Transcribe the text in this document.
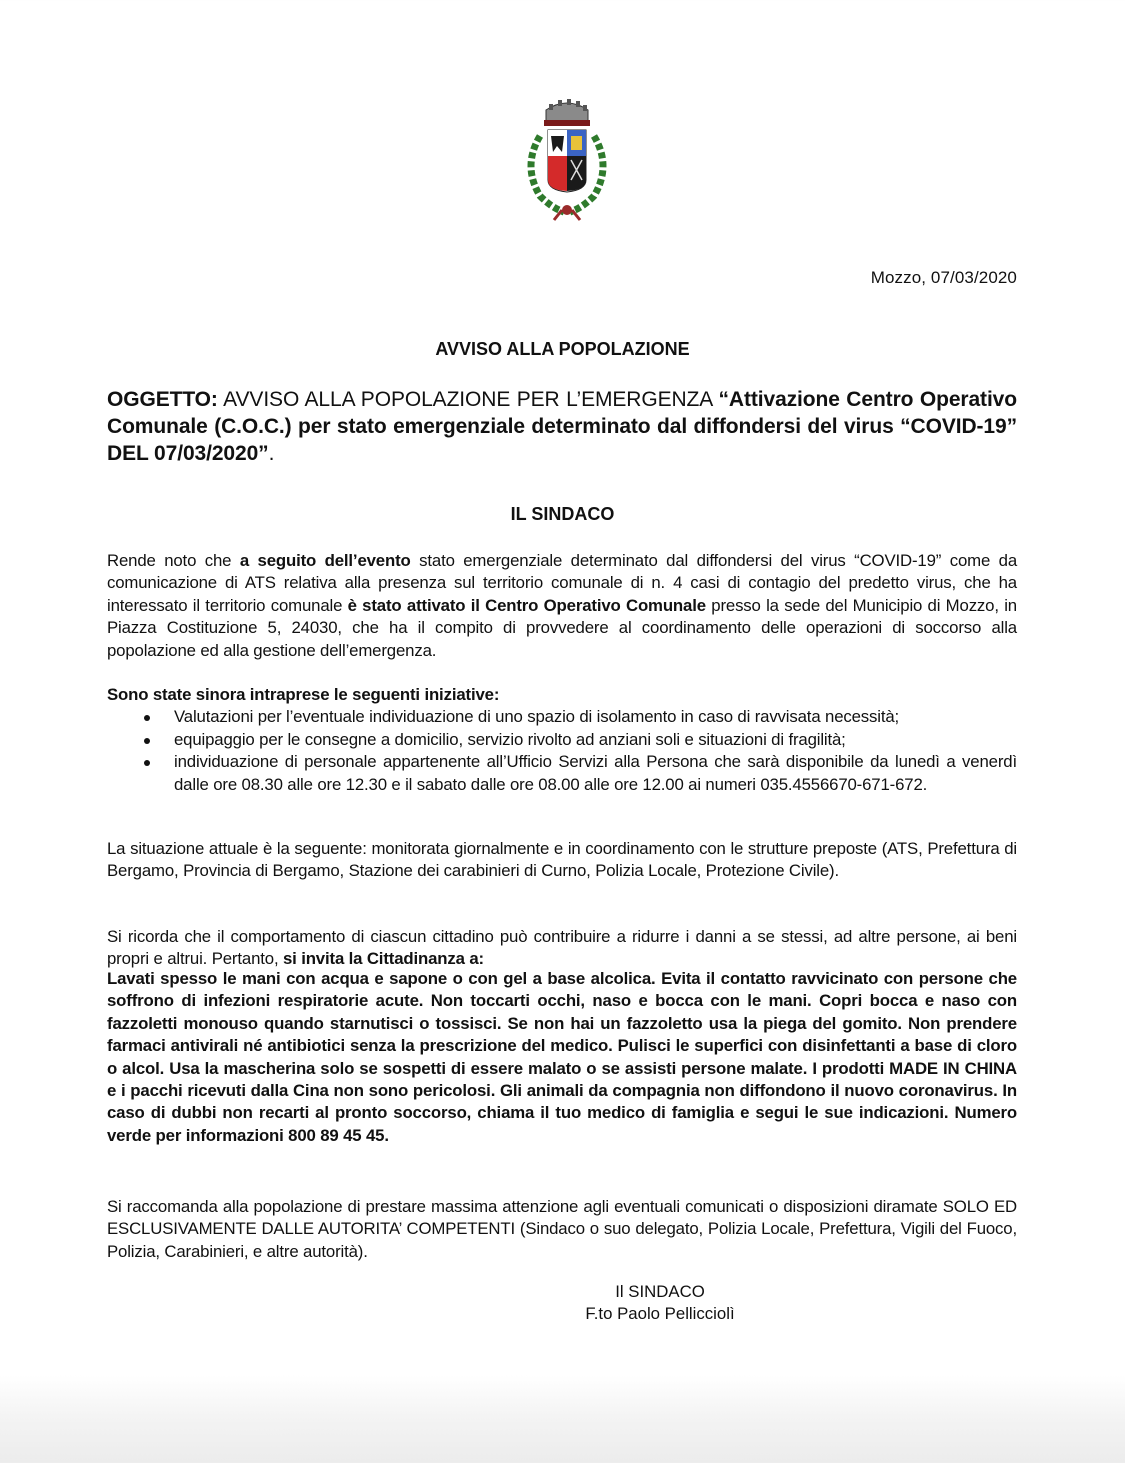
Mozzo, 07/03/2020
AVVISO ALLA POPOLAZIONE
OGGETTO: AVVISO ALLA POPOLAZIONE PER L’EMERGENZA “Attivazione Centro Operativo Comunale (C.O.C.) per stato emergenziale determinato dal diffondersi del virus “COVID-19” DEL 07/03/2020”.
IL SINDACO
Rende noto che a seguito dell’evento stato emergenziale determinato dal diffondersi del virus “COVID-19” come da comunicazione di ATS relativa alla presenza sul territorio comunale di n. 4 casi di contagio del predetto virus, che ha interessato il territorio comunale è stato attivato il Centro Operativo Comunale presso la sede del Municipio di Mozzo, in Piazza Costituzione 5, 24030, che ha il compito di provvedere al coordinamento delle operazioni di soccorso alla popolazione ed alla gestione dell’emergenza.
Sono state sinora intraprese le seguenti iniziative:
Valutazioni per l’eventuale individuazione di uno spazio di isolamento in caso di ravvisata necessità;
equipaggio per le consegne a domicilio, servizio rivolto ad anziani soli e situazioni di fragilità;
individuazione di personale appartenente all’Ufficio Servizi alla Persona che sarà disponibile da lunedì a venerdì dalle ore 08.30 alle ore 12.30 e il sabato dalle ore 08.00 alle ore 12.00 ai numeri 035.4556670-671-672.
La situazione attuale è la seguente: monitorata giornalmente e in coordinamento con le strutture preposte (ATS, Prefettura di Bergamo, Provincia di Bergamo, Stazione dei carabinieri di Curno, Polizia Locale, Protezione Civile).
Si ricorda che il comportamento di ciascun cittadino può contribuire a ridurre i danni a se stessi, ad altre persone, ai beni propri e altrui. Pertanto, si invita la Cittadinanza a:
Lavati spesso le mani con acqua e sapone o con gel a base alcolica. Evita il contatto ravvicinato con persone che soffrono di infezioni respiratorie acute. Non toccarti occhi, naso e bocca con le mani. Copri bocca e naso con fazzoletti monouso quando starnutisci o tossisci. Se non hai un fazzoletto usa la piega del gomito. Non prendere farmaci antivirali né antibiotici senza la prescrizione del medico. Pulisci le superfici con disinfettanti a base di cloro o alcol. Usa la mascherina solo se sospetti di essere malato o se assisti persone malate. I prodotti MADE IN CHINA e i pacchi ricevuti dalla Cina non sono pericolosi. Gli animali da compagnia non diffondono il nuovo coronavirus. In caso di dubbi non recarti al pronto soccorso, chiama il tuo medico di famiglia e segui le sue indicazioni. Numero verde per informazioni 800 89 45 45.
Si raccomanda alla popolazione di prestare massima attenzione agli eventuali comunicati o disposizioni diramate SOLO ED ESCLUSIVAMENTE DALLE AUTORITA’ COMPETENTI (Sindaco o suo delegato, Polizia Locale, Prefettura, Vigili del Fuoco, Polizia, Carabinieri, e altre autorità).
Il SINDACO
F.to Paolo Pellicciolì
